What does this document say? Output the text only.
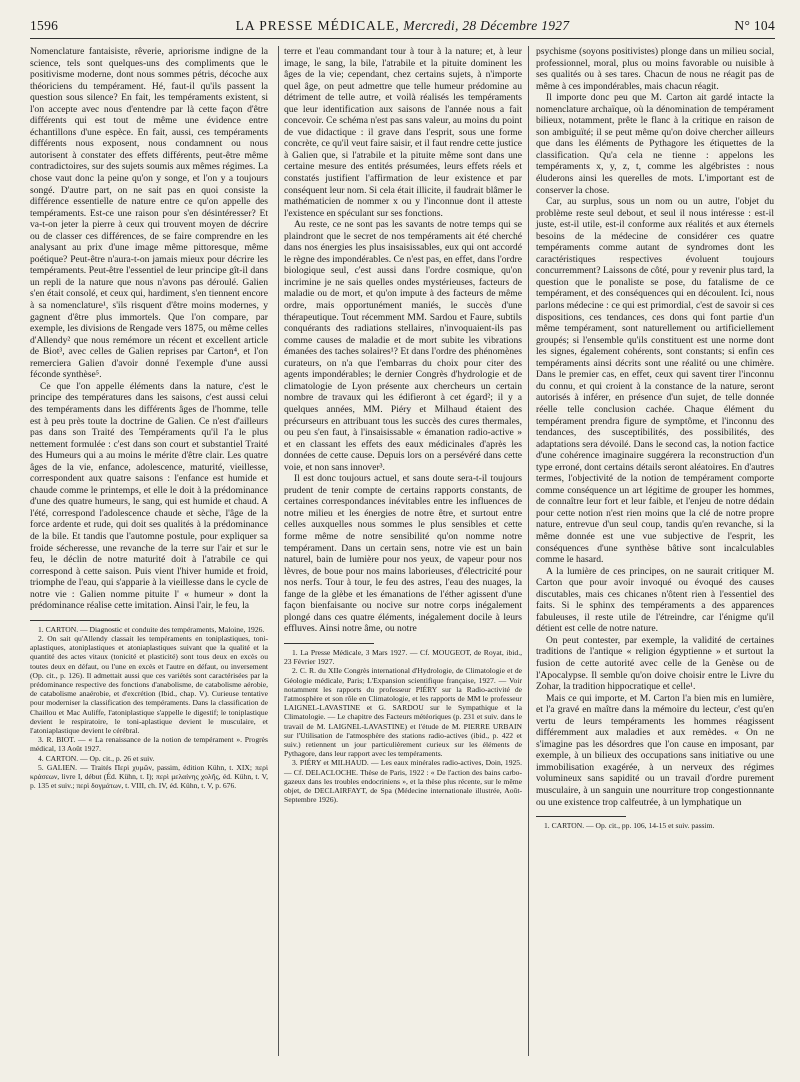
1596	LA PRESSE MÉDICALE, Mercredi, 28 Décembre 1927	N° 104

Nomenclature fantaisiste, rêverie, apriorisme indigne de la science, tels sont quelques-uns des compliments que le positivisme moderne, dont nous sommes pétris, décoche aux théoriciens du tempérament. Hé, faut-il qu'ils passent la question sous silence? En fait, les tempéraments existent, si l'on accepte avec nous d'entendre par là cette façon d'être différents qui est tout de même une évidence entre échantillons d'une espèce. En fait, aussi, ces tempéraments différents nous exposent, nous condamnent ou nous autorisent à constater des effets différents, peut-être même contradictoires, sur des sujets soumis aux mêmes régimes. La chose vaut donc la peine qu'on y songe, et l'on y a toujours songé. D'autre part, on ne sait pas en quoi consiste la différence essentielle de nature entre ce qu'on appelle des tempéraments. Est-ce une raison pour s'en désintéresser? Et va-t-on jeter la pierre à ceux qui trouvent moyen de décrire ou de classer ces différences, de se faire comprendre en les analysant au prix d'une image même pittoresque, même poétique? Peut-être n'aura-t-on jamais mieux pour décrire les tempéraments. Peut-être l'essentiel de leur principe gît-il dans un repli de la nature que nous n'avons pas déroulé. Galien s'en était consolé, et ceux qui, hardiment, s'en tiennent encore à sa nomenclature¹, s'ils risquent d'être moins modernes, y gagnent d'être plus immortels. Que l'on compare, par exemple, les divisions de Rengade vers 1875, ou même celles d'Allendy² que nous remémore un récent et excellent article de Biot³, avec celles de Galien reprises par Carton⁴, et l'on remerciera Galien d'avoir donné l'exemple d'une aussi féconde synthèse⁵.

Ce que l'on appelle éléments dans la nature, c'est le principe des températures dans les saisons, c'est aussi celui des tempéraments dans les différents âges de l'homme, telle est à peu près toute la doctrine de Galien. Ce n'est d'ailleurs pas dans son Traité des Tempéraments qu'il l'a le plus nettement formulée : c'est dans son court et substantiel Traité des Humeurs qui a au moins le mérite d'être clair. Les quatre âges de la vie, enfance, adolescence, maturité, vieillesse, correspondent aux quatre saisons : l'enfance est humide et chaude comme le printemps, et elle le doit à la prédominance d'une des quatre humeurs, le sang, qui est humide et chaud. A l'été, correspond l'adolescence chaude et sèche, l'âge de la force ardente et rude, qui doit ses qualités à la prédominance de la bile. Et tandis que l'automne postule, pour expliquer sa froide sécheresse, une revanche de la terre sur l'air et sur le feu, le déclin de notre maturité doit à l'atrabile ce qui correspond à cette saison. Puis vient l'hiver humide et froid, triomphe de l'eau, qui s'apparie à la vieillesse dans le cycle de notre vie : Galien nomme pituite l' « humeur » dont la prédominance réalise cette imitation. Ainsi l'air, le feu, la

1. CARTON. — Diagnostic et conduite des tempéraments, Maloine, 1926.

2. On sait qu'Allendy classait les tempéraments en toniplastiques, toni-aplastiques, atoniplastiques et atoniaplastiques suivant que la qualité et la quantité des actes vitaux (tonicité et plasticité) sont tous deux en excès ou toutes deux en défaut, ou l'une en excès et l'autre en défaut, ou inversement (Op. cit., p. 126). Il admettait aussi que ces variétés sont caractérisées par la prédominance respective des fonctions d'anabolisme, de catabolisme aérobie, de catabolisme anaérobie, et d'excrétion (Ibid., chap. V). Curieuse tentative pour moderniser la classification des tempéraments. Dans la classification de Chaillou et Mac Auliffe, l'atoniplastique s'appelle le digestif; le toniplastique devient le respiratoire, le toni-aplastique devient le musculaire, et l'atoniaplastique devient le cérébral.

3. R. BIOT. — « La renaissance de la notion de tempérament ». Progrès médical, 13 Août 1927.

4. CARTON. — Op. cit., p. 26 et suiv.

5. GALIEN. — Traités Περὶ χυμῶν, passim, édition Kühn, t. XIX; περὶ κράσεων, livre I, début (Éd. Kühn, t. I); περὶ μελαίνης χολῆς, éd. Kühn, t. V, p. 135 et suiv.; περὶ δογμάτων, t. VIII, ch. IV, éd. Kühn, t. V, p. 676.

terre et l'eau commandant tour à tour à la nature; et, à leur image, le sang, la bile, l'atrabile et la pituite dominent les âges de la vie; cependant, chez certains sujets, à n'importe quel âge, on peut admettre que telle humeur prédomine au détriment de telle autre, et voilà réalisés les tempéraments que leur identification aux saisons de l'année nous a fait concevoir. Ce schéma n'est pas sans valeur, au moins du point de vue didactique : il grave dans l'esprit, sous une forme concrète, ce qu'il veut faire saisir, et il faut rendre cette justice à Galien que, si l'atrabile et la pituite même sont dans une certaine mesure des entités présumées, leurs effets réels et constatés justifient l'affirmation de leur existence et par conséquent leur nom. Si cela était illicite, il faudrait blâmer le mathématicien de nommer x ou y l'inconnue dont il atteste l'existence en spéculant sur ses fonctions.

Au reste, ce ne sont pas les savants de notre temps qui se plaindront que le secret de nos tempéraments ait été cherché dans nos énergies les plus insaisissables, eux qui ont accordé le règne des impondérables. Ce n'est pas, en effet, dans l'ordre biologique seul, c'est aussi dans l'ordre cosmique, qu'on incrimine je ne sais quelles ondes mystérieuses, facteurs de maladie ou de mort, et qu'on impute à des facteurs de même ordre, mais opportunément maniés, le succès d'une thérapeutique. Tout récemment MM. Sardou et Faure, subtils conquérants des radiations stellaires, n'invoquaient-ils pas comme causes de maladie et de mort subite les vibrations émanées des taches solaires¹? Et dans l'ordre des phénomènes curateurs, on n'a que l'embarras du choix pour citer des agents impondérables; le dernier Congrès d'hydrologie et de climatologie de Lyon présente aux chercheurs un certain nombre de travaux qui les édifieront à cet égard²; il y a quelques années, MM. Piéry et Milhaud étaient des précurseurs en attribuant tous les succès des cures thermales, ou peu s'en faut, à l'insaisissable « émanation radio-active » et en classant les effets des eaux médicinales d'après les données de cette cause. Depuis lors on a persévéré dans cette voie, et non sans innover³.

Il est donc toujours actuel, et sans doute sera-t-il toujours prudent de tenir compte de certains rapports constants, de certaines correspondances inévitables entre les influences de notre milieu et les énergies de notre être, et surtout entre celles auxquelles nous sommes le plus sensibles et cette forme même de notre sensibilité qu'on nomme notre tempérament. Dans un certain sens, notre vie est un bain naturel, bain de lumière pour nos yeux, de vapeur pour nos lèvres, de boue pour nos mains laborieuses, d'électricité pour nos nerfs. Tour à tour, le feu des astres, l'eau des nuages, la fange de la glèbe et les émanations de l'éther agissent d'une façon bienfaisante ou nocive sur notre corps inégalement plongé dans ces quatre éléments, inégalement docile à leurs effluves. Ainsi notre âme, ou notre

1. La Presse Médicale, 3 Mars 1927. — Cf. MOUGEOT, de Royat, ibid., 23 Février 1927.

2. C. R. du XIIe Congrès international d'Hydrologie, de Climatologie et de Géologie médicale, Paris; L'Expansion scientifique française, 1927. — Voir notamment les rapports du professeur PIÉRY sur la Radio-activité de l'atmosphère et son rôle en Climatologie, et les rapports de MM le professeur LAIGNEL-LAVASTINE et G. SARDOU sur le Sympathique et la Climatologie. — Le chapitre des Facteurs météoriques (p. 231 et suiv. dans le travail de M. LAIGNEL-LAVASTINE) et l'étude de M. PIERRE URBAIN sur l'Utilisation de l'atmosphère des stations radio-actives (ibid., p. 422 et suiv.) retiennent un jour particulièrement curieux sur les éléments de Pythagore, dans leur rapport avec les tempéraments.

3. PIÉRY et MILHAUD. — Les eaux minérales radio-actives, Doin, 1925. — Cf. DELACLOCHE. Thèse de Paris, 1922 : « De l'action des bains carbo-gazeux dans les troubles endocriniens », et la thèse plus récente, sur le même objet, de DECLAIRFAYT, de Spa (Médecine internationale illustrée, Août-Septembre 1926).

psychisme (soyons positivistes) plonge dans un milieu social, professionnel, moral, plus ou moins favorable ou nuisible à ses qualités ou à ses tares. Chacun de nous ne réagit pas de même à ces impondérables, mais chacun réagit.

Il importe donc peu que M. Carton ait gardé intacte la nomenclature archaïque, où la dénomination de tempérament bilieux, notamment, prête le flanc à la critique en raison de son ambiguïté; il se peut même qu'on doive chercher ailleurs que dans les éléments de Pythagore les étiquettes de la classification. Qu'a cela ne tienne : appelons les tempéraments x, y, z, t, comme les algébristes : nous éluderons ainsi les querelles de mots. L'important est de conserver la chose.

Car, au surplus, sous un nom ou un autre, l'objet du problème reste seul debout, et seul il nous intéresse : est-il juste, est-il utile, est-il conforme aux réalités et aux éternels besoins de la médecine de considérer ces quatre tempéraments comme autant de syndromes dont les caractéristiques respectives évoluent toujours concurremment? Laissons de côté, pour y revenir plus tard, la question que le ponaliste se pose, du fatalisme de ce tempérament, et des conséquences qui en découlent. Ici, nous parlons médecine : ce qui est primordial, c'est de savoir si ces dispositions, ces tendances, ces dons qui font partie d'un même tempérament, sont naturellement ou artificiellement groupés; si l'ensemble qu'ils constituent est une norme dont les signes, également cohérents, sont constants; si enfin ces tempéraments ainsi décrits sont une réalité ou une chimère. Dans le premier cas, en effet, ceux qui savent tirer l'inconnu du connu, et qui croient à la constance de la nature, seront autorisés à inférer, en présence d'un sujet, de telle donnée réelle telle conclusion cachée. Chaque élément du tempérament prendra figure de symptôme, et l'inconnu des tendances, des susceptibilités, des possibilités, des adaptations sera dévoilé. Dans le second cas, la notion factice d'une cohérence imaginaire suggérera la reconstruction d'un type erroné, dont certains détails seront aléatoires. En d'autres termes, l'objectivité de la notion de tempérament comporte comme conséquence un art légitime de grouper les hommes, de connaître leur fort et leur faible, et l'enjeu de notre dédain pour cette notion n'est rien moins que la clé de notre propre nature, entrevue d'un seul coup, tandis qu'en revanche, si la même donnée est une vue subjective de l'esprit, les conséquences d'une synthèse bâtive sont incalculables comme le hasard.

A la lumière de ces principes, on ne saurait critiquer M. Carton que pour avoir invoqué ou évoqué des causes discutables, mais ces chicanes n'ôtent rien à l'essentiel des faits. Si le sphinx des tempéraments a des apparences fabuleuses, il reste utile de l'étreindre, car l'énigme qu'il détient est celle de notre nature.

On peut contester, par exemple, la validité de certaines traditions de l'antique « religion égyptienne » et surtout la fusion de cette autorité avec celle de la Genèse ou de l'Apocalypse. Il semble qu'on doive choisir entre le Livre du Zohar, la tradition hippocratique et celle¹.

Mais ce qui importe, et M. Carton l'a bien mis en lumière, et l'a gravé en maître dans la mémoire du lecteur, c'est qu'en vertu de leurs tempéraments les hommes réagissent différemment aux maladies et aux remèdes. « On ne s'imagine pas les désordres que l'on cause en imposant, par exemple, à un bilieux des occupations sans initiative ou une immobilisation exagérée, à un nerveux des régimes volumineux sans sapidité ou un travail d'ordre purement musculaire, à un sanguin une nourriture trop congestionnante ou une existence trop calfeutrée, à un lymphatique un

1. CARTON. — Op. cit., pp. 106, 14-15 et suiv. passim.
